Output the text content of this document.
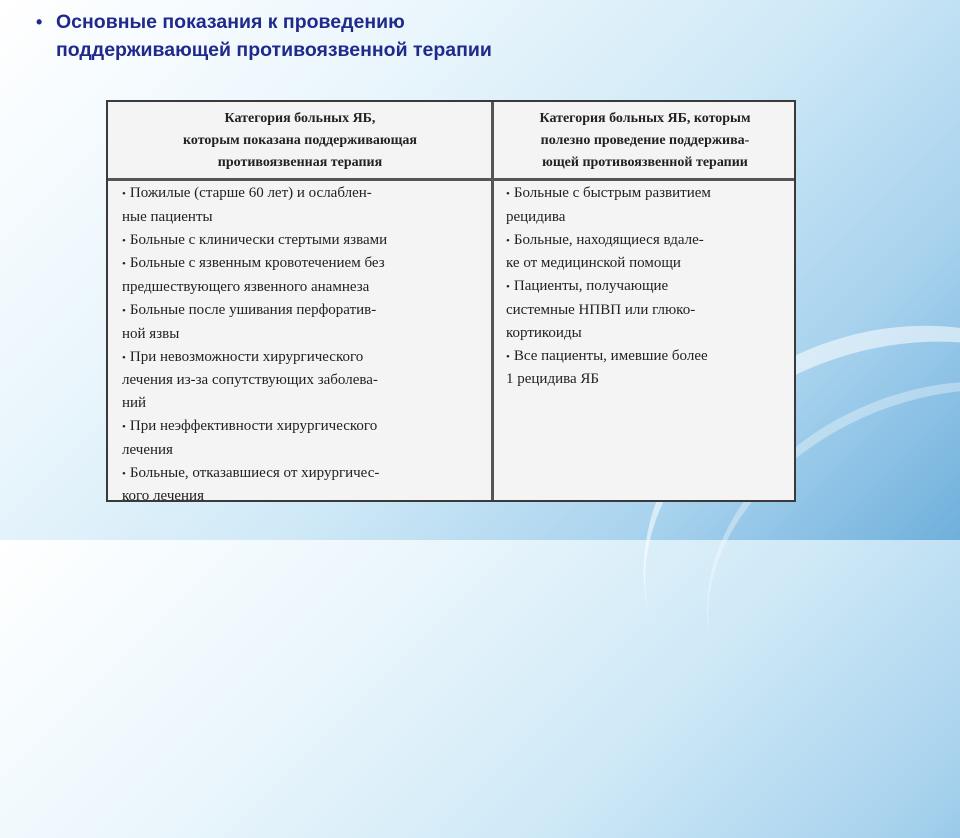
• Основные показания к проведению
поддерживающей противоязвенной терапии
Категория больных ЯБ,
которым показана поддерживающая
противоязвенная терапия
Категория больных ЯБ, которым
полезно проведение поддержива-
ющей противоязвенной терапии
• Пожилые (старше 60 лет) и ослаблен-
ные пациенты
• Больные с клинически стертыми язвами
• Больные с язвенным кровотечением без
предшествующего язвенного анамнеза
• Больные после ушивания перфоратив-
ной язвы
• При невозможности хирургического
лечения из-за сопутствующих заболева-
ний
• При неэффективности хирургического
лечения
• Больные, отказавшиеся от хирургичес-
кого лечения
• Больные с быстрым развитием
рецидива
• Больные, находящиеся вдале-
ке от медицинской помощи
• Пациенты, получающие
системные НПВП или глюко-
кортикоиды
• Все пациенты, имевшие более
1 рецидива ЯБ
